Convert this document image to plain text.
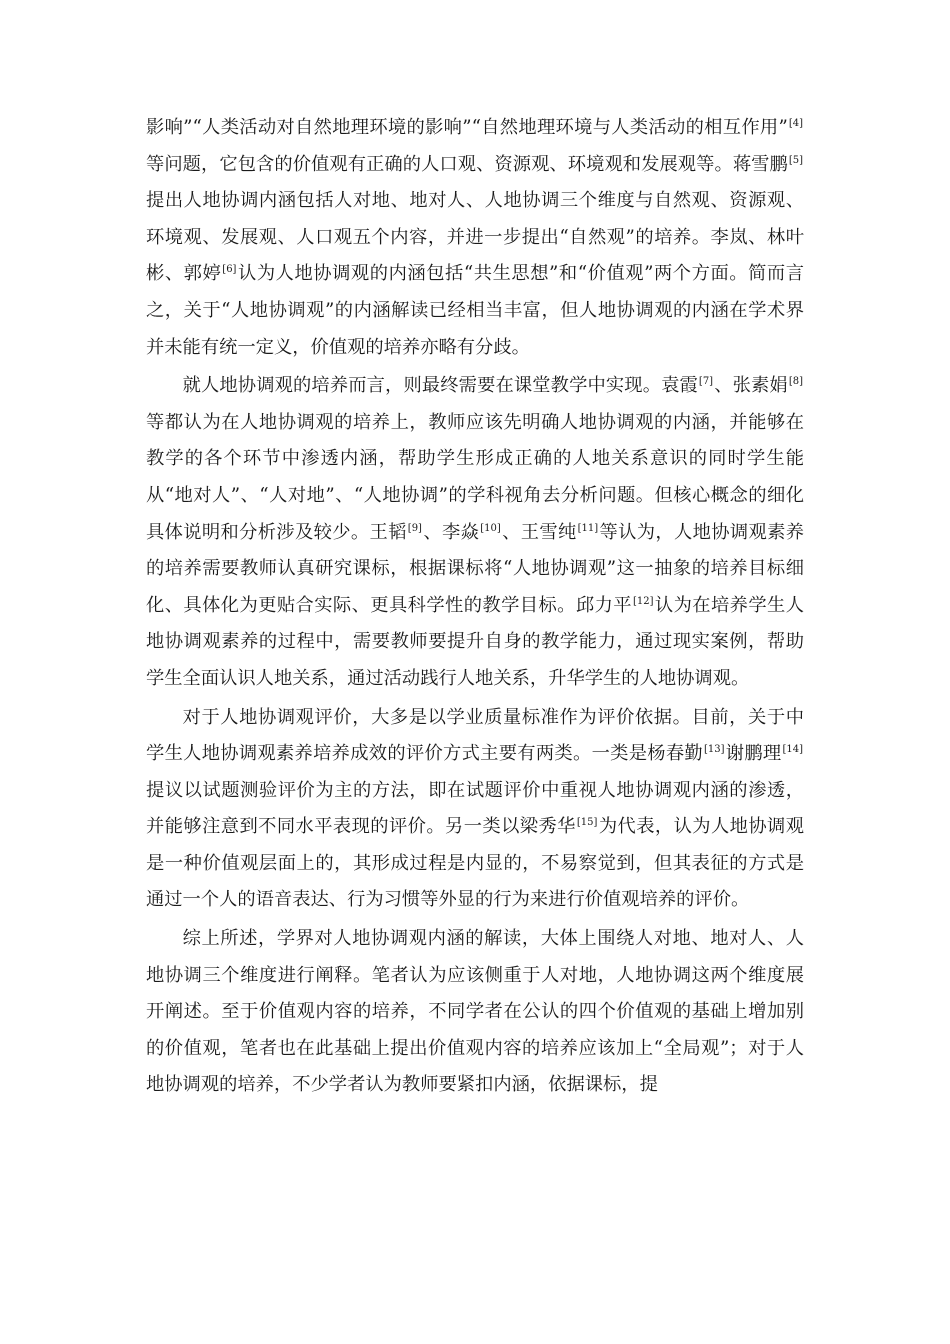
影响”“人类活动对自然地理环境的影响”“自然地理环境与人类活动的相互作用”[4]等问题，它包含的价值观有正确的人口观、资源观、环境观和发展观等。蒋雪鹏[5]提出人地协调内涵包括人对地、地对人、人地协调三个维度与自然观、资源观、环境观、发展观、人口观五个内容，并进一步提出“自然观”的培养。李岚、林叶彬、郭婷[6]认为人地协调观的内涵包括“共生思想”和“价值观”两个方面。简而言之，关于“人地协调观”的内涵解读已经相当丰富，但人地协调观的内涵在学术界并未能有统一定义，价值观的培养亦略有分歧。

就人地协调观的培养而言，则最终需要在课堂教学中实现。袁霞[7]、张素娟[8]等都认为在人地协调观的培养上，教师应该先明确人地协调观的内涵，并能够在教学的各个环节中渗透内涵，帮助学生形成正确的人地关系意识的同时学生能从“地对人”、“人对地”、“人地协调”的学科视角去分析问题。但核心概念的细化具体说明和分析涉及较少。王韬[9]、李焱[10]、王雪纯[11]等认为，人地协调观素养的培养需要教师认真研究课标，根据课标将“人地协调观”这一抽象的培养目标细化、具体化为更贴合实际、更具科学性的教学目标。邱力平[12]认为在培养学生人地协调观素养的过程中，需要教师要提升自身的教学能力，通过现实案例，帮助学生全面认识人地关系，通过活动践行人地关系，升华学生的人地协调观。

对于人地协调观评价，大多是以学业质量标准作为评价依据。目前，关于中学生人地协调观素养培养成效的评价方式主要有两类。一类是杨春勤[13]谢鹏理[14]提议以试题测验评价为主的方法，即在试题评价中重视人地协调观内涵的渗透，并能够注意到不同水平表现的评价。另一类以梁秀华[15]为代表，认为人地协调观是一种价值观层面上的，其形成过程是内显的，不易察觉到，但其表征的方式是通过一个人的语音表达、行为习惯等外显的行为来进行价值观培养的评价。

综上所述，学界对人地协调观内涵的解读，大体上围绕人对地、地对人、人地协调三个维度进行阐释。笔者认为应该侧重于人对地，人地协调这两个维度展开阐述。至于价值观内容的培养，不同学者在公认的四个价值观的基础上增加别的价值观，笔者也在此基础上提出价值观内容的培养应该加上“全局观”；对于人地协调观的培养，不少学者认为教师要紧扣内涵，依据课标，提
